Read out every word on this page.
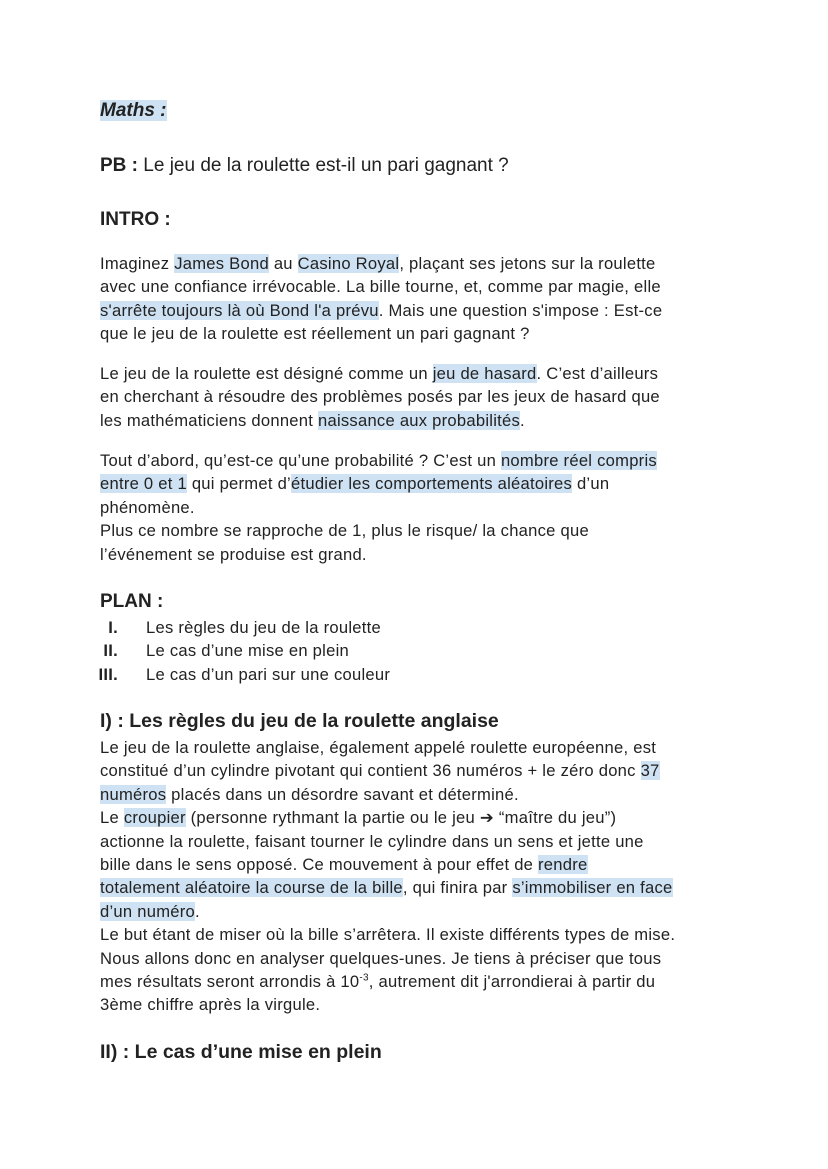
Maths :
PB : Le jeu de la roulette est-il un pari gagnant ?
INTRO :
Imaginez James Bond au Casino Royal, plaçant ses jetons sur la roulette
avec une confiance irrévocable. La bille tourne, et, comme par magie, elle
s'arrête toujours là où Bond l'a prévu. Mais une question s'impose : Est-ce
que le jeu de la roulette est réellement un pari gagnant ?
Le jeu de la roulette est désigné comme un jeu de hasard. C’est d’ailleurs
en cherchant à résoudre des problèmes posés par les jeux de hasard que
les mathématiciens donnent naissance aux probabilités.
Tout d’abord, qu’est-ce qu’une probabilité ? C’est un nombre réel compris
entre 0 et 1 qui permet d’étudier les comportements aléatoires d’un
phénomène.
Plus ce nombre se rapproche de 1, plus le risque/ la chance que
l’événement se produise est grand.
PLAN :
I. Les règles du jeu de la roulette
II. Le cas d’une mise en plein
III. Le cas d’un pari sur une couleur
I) : Les règles du jeu de la roulette anglaise
Le jeu de la roulette anglaise, également appelé roulette européenne, est
constitué d’un cylindre pivotant qui contient 36 numéros + le zéro donc 37
numéros placés dans un désordre savant et déterminé.
Le croupier (personne rythmant la partie ou le jeu ➔ “maître du jeu”)
actionne la roulette, faisant tourner le cylindre dans un sens et jette une
bille dans le sens opposé. Ce mouvement à pour effet de rendre
totalement aléatoire la course de la bille, qui finira par s’immobiliser en face
d’un numéro.
Le but étant de miser où la bille s’arrêtera. Il existe différents types de mise.
Nous allons donc en analyser quelques-unes. Je tiens à préciser que tous
mes résultats seront arrondis à $10^{-3}$, autrement dit j'arrondierai à partir du
3ème chiffre après la virgule.
II) : Le cas d’une mise en plein
